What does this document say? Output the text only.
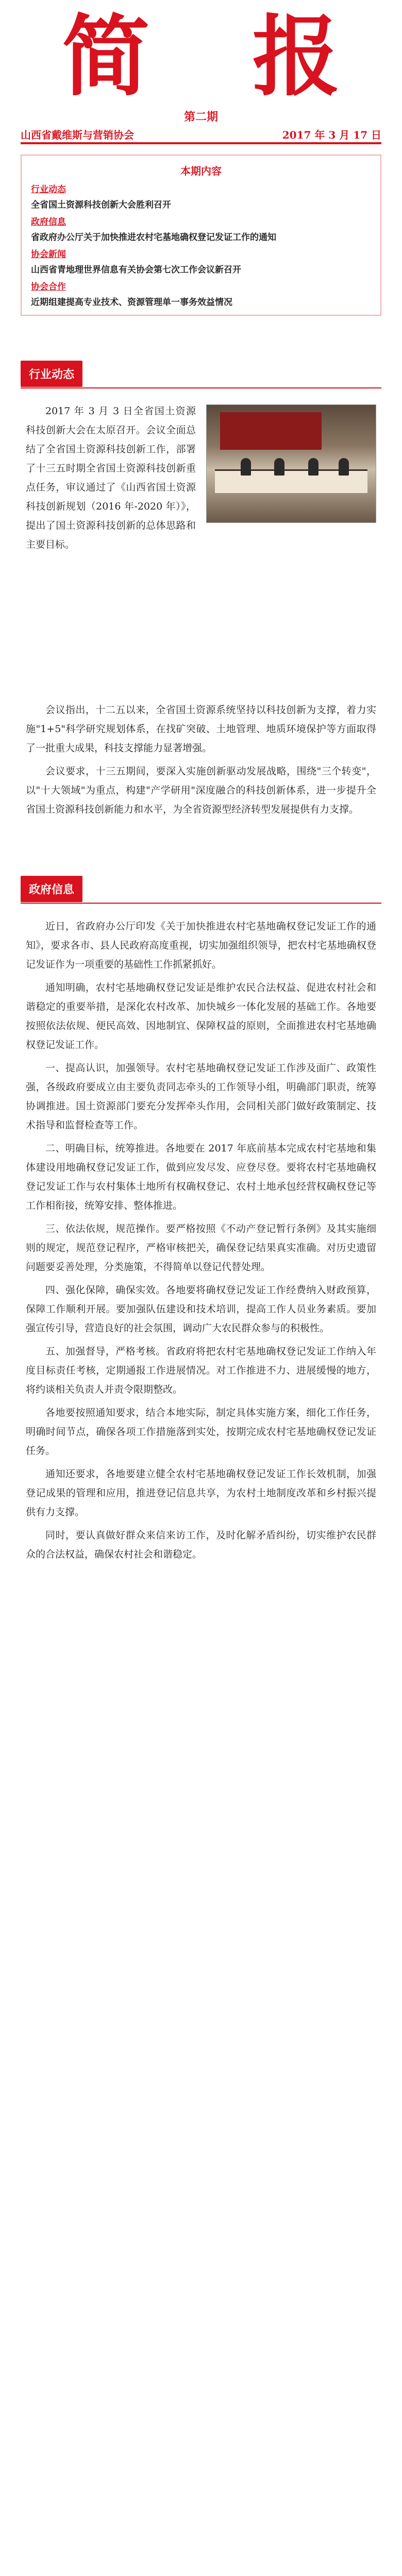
简 报
第二期
山西省戴维斯与营销协会	2017 年 3 月 17 日
本期内容
行业动态
全省国土资源科技创新大会胜利召开
政府信息
省政府办公厅关于加快推进农村宅基地确权登记发证工作的通知
协会新闻
山西省青地理世界信息有关协会第七次工作会议新召开
协会合作
近期组建提高专业技术、资源管理单一事务效益情况
行业动态

2017 年 3 月 3 日全省国土资源科技创新大会在太原召开。会议全面总结了全省国土资源科技创新工作，部署了十三五时期全省国土资源科技创新重点任务，审议通过了《山西省国土资源科技创新规划（2016 年-2020 年）》，提出了国土资源科技创新的总体思路和主要目标。

会议指出，十二五以来，全省国土资源系统坚持以科技创新为支撑，着力实施"1+5"科学研究规划体系，在找矿突破、土地管理、地质环境保护等方面取得了一批重大成果，科技支撑能力显著增强。

会议要求，十三五期间，要深入实施创新驱动发展战略，围绕"三个转变"，以"十大领域"为重点，构建"产学研用"深度融合的科技创新体系，进一步提升全省国土资源科技创新能力和水平，为全省资源型经济转型发展提供有力支撑。

政府信息

近日，省政府办公厅印发《关于加快推进农村宅基地确权登记发证工作的通知》，要求各市、县人民政府高度重视，切实加强组织领导，把农村宅基地确权登记发证作为一项重要的基础性工作抓紧抓好。

通知明确，农村宅基地确权登记发证是维护农民合法权益、促进农村社会和谐稳定的重要举措，是深化农村改革、加快城乡一体化发展的基础工作。各地要按照依法依规、便民高效、因地制宜、保障权益的原则，全面推进农村宅基地确权登记发证工作。

一、提高认识，加强领导。农村宅基地确权登记发证工作涉及面广、政策性强，各级政府要成立由主要负责同志牵头的工作领导小组，明确部门职责，统筹协调推进。国土资源部门要充分发挥牵头作用，会同相关部门做好政策制定、技术指导和监督检查等工作。

二、明确目标，统筹推进。各地要在 2017 年底前基本完成农村宅基地和集体建设用地确权登记发证工作，做到应发尽发、应登尽登。要将农村宅基地确权登记发证工作与农村集体土地所有权确权登记、农村土地承包经营权确权登记等工作相衔接，统筹安排、整体推进。

三、依法依规，规范操作。要严格按照《不动产登记暂行条例》及其实施细则的规定，规范登记程序，严格审核把关，确保登记结果真实准确。对历史遗留问题要妥善处理，分类施策，不得简单以登记代替处理。

四、强化保障，确保实效。各地要将确权登记发证工作经费纳入财政预算，保障工作顺利开展。要加强队伍建设和技术培训，提高工作人员业务素质。要加强宣传引导，营造良好的社会氛围，调动广大农民群众参与的积极性。

五、加强督导，严格考核。省政府将把农村宅基地确权登记发证工作纳入年度目标责任考核，定期通报工作进展情况。对工作推进不力、进展缓慢的地方，将约谈相关负责人并责令限期整改。

各地要按照通知要求，结合本地实际，制定具体实施方案，细化工作任务，明确时间节点，确保各项工作措施落到实处，按期完成农村宅基地确权登记发证任务。

通知还要求，各地要建立健全农村宅基地确权登记发证工作长效机制，加强登记成果的管理和应用，推进登记信息共享，为农村土地制度改革和乡村振兴提供有力支撑。

同时，要认真做好群众来信来访工作，及时化解矛盾纠纷，切实维护农民群众的合法权益，确保农村社会和谐稳定。
